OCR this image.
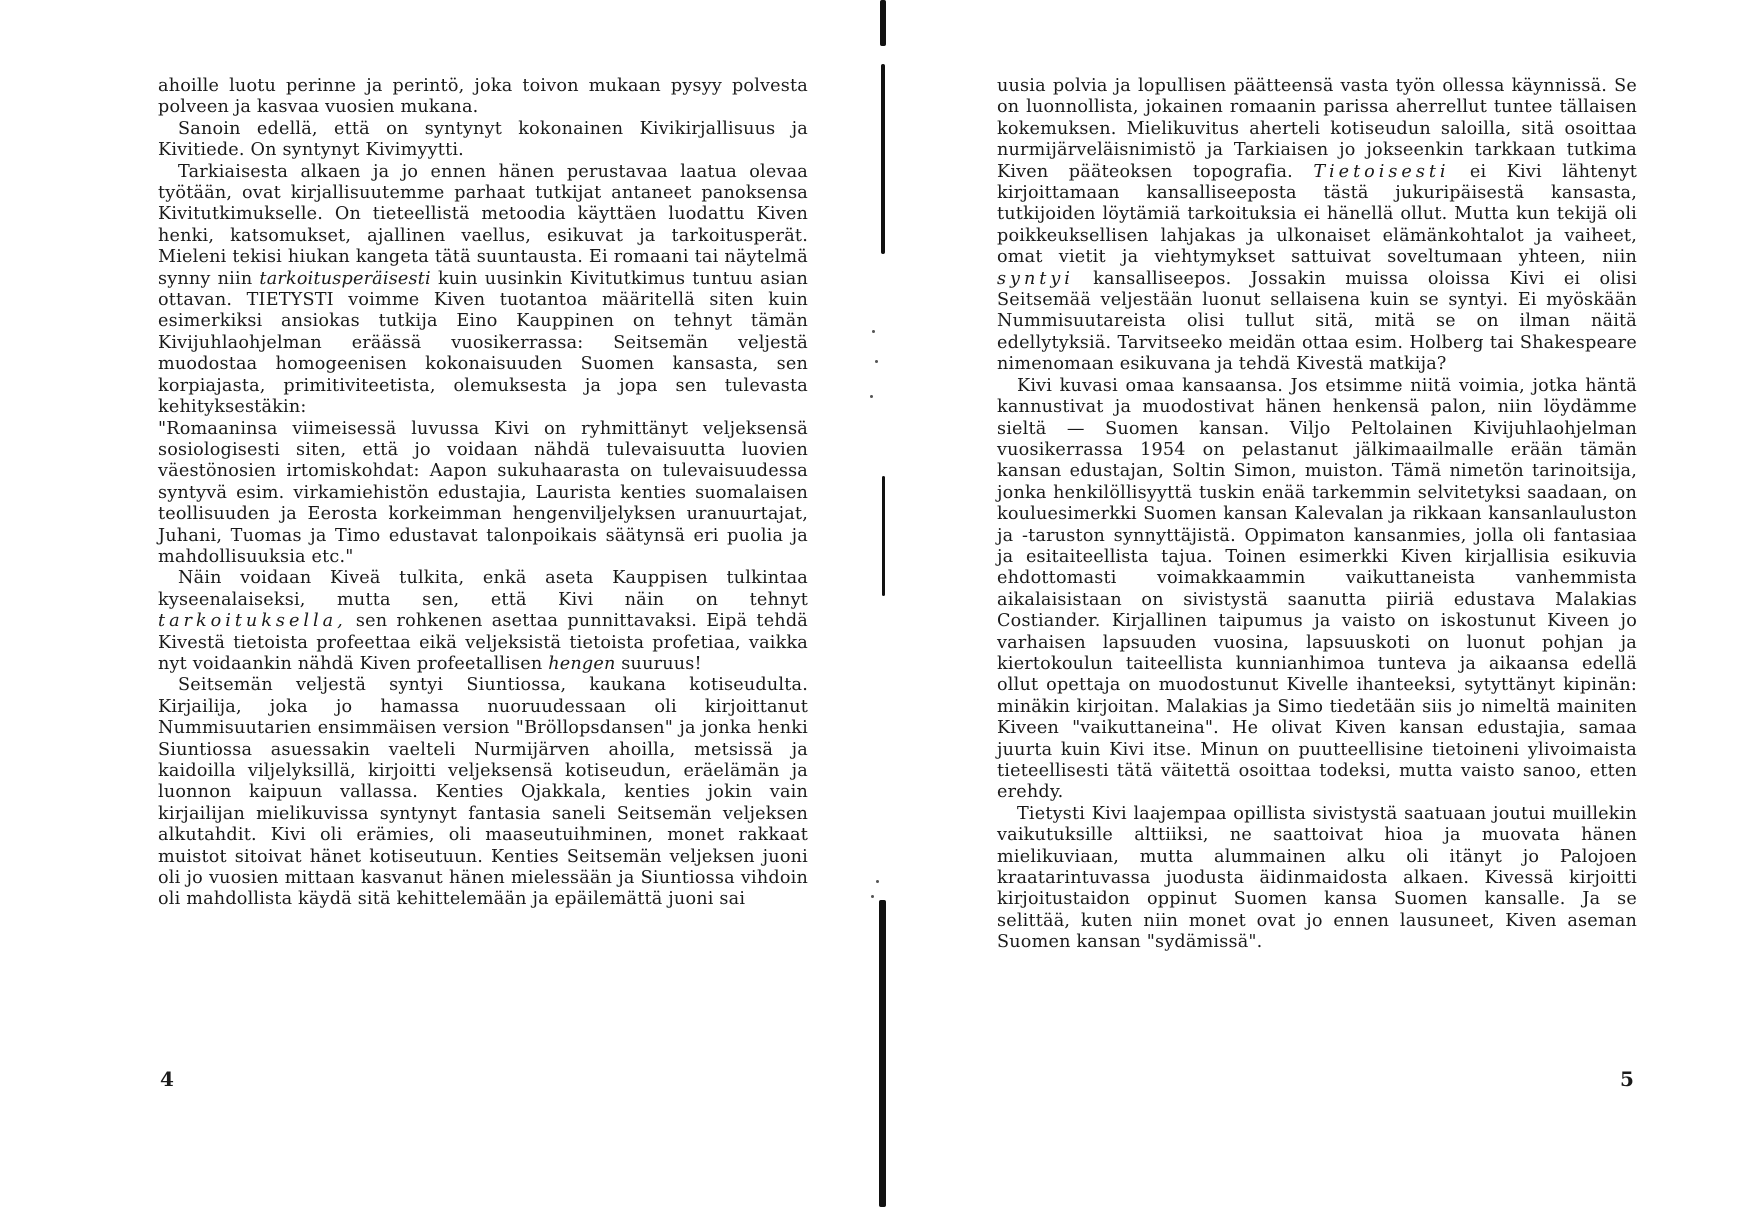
ahoille luotu perinne ja perintö, joka toivon mukaan pysyy polvesta polveen ja kasvaa vuosien mukana.

Sanoin edellä, että on syntynyt kokonainen Kivikirjallisuus ja Kivitiede. On syntynyt Kivimyytti.

Tarkiaisesta alkaen ja jo ennen hänen perustavaa laatua olevaa työtään, ovat kirjallisuutemme parhaat tutkijat antaneet panoksensa Kivitutkimukselle. On tieteellistä metoodia käyttäen luodattu Kiven henki, katsomukset, ajallinen vaellus, esikuvat ja tarkoitusperät. Mieleni tekisi hiukan kangeta tätä suuntausta. Ei romaani tai näytelmä synny niin tarkoitusperäisesti kuin uusinkin Kivitutkimus tuntuu asian ottavan. TIETYSTI voimme Kiven tuotantoa määritellä siten kuin esimerkiksi ansiokas tutkija Eino Kauppinen on tehnyt tämän Kivijuhlaohjelman eräässä vuosikerrassa: Seitsemän veljestä muodostaa homogeenisen kokonaisuuden Suomen kansasta, sen korpiajasta, primitiviteetista, olemuksesta ja jopa sen tulevasta kehityksestäkin:

"Romaaninsa viimeisessä luvussa Kivi on ryhmittänyt veljeksensä sosiologisesti siten, että jo voidaan nähdä tulevaisuutta luovien väestönosien irtomiskohdat: Aapon sukuhaarasta on tulevaisuudessa syntyvä esim. virkamiehistön edustajia, Laurista kenties suomalaisen teollisuuden ja Eerosta korkeimman hengenviljelyksen uranuurtajat, Juhani, Tuomas ja Timo edustavat talonpoikais säätynsä eri puolia ja mahdollisuuksia etc."

Näin voidaan Kiveä tulkita, enkä aseta Kauppisen tulkintaa kyseenalaiseksi, mutta sen, että Kivi näin on tehnyt tarkoituksella, sen rohkenen asettaa punnittavaksi. Eipä tehdä Kivestä tietoista profeettaa eikä veljeksistä tietoista profetiaa, vaikka nyt voidaankin nähdä Kiven profeetallisen hengen suuruus!

Seitsemän veljestä syntyi Siuntiossa, kaukana kotiseudulta. Kirjailija, joka jo hamassa nuoruudessaan oli kirjoittanut Nummisuutarien ensimmäisen version "Bröllopsdansen" ja jonka henki Siuntiossa asuessakin vaelteli Nurmijärven ahoilla, metsissä ja kaidoilla viljelyksillä, kirjoitti veljeksensä kotiseudun, eräelämän ja luonnon kaipuun vallassa. Kenties Ojakkala, kenties jokin vain kirjailijan mielikuvissa syntynyt fantasia saneli Seitsemän veljeksen alkutahdit. Kivi oli erämies, oli maaseutuihminen, monet rakkaat muistot sitoivat hänet kotiseutuun. Kenties Seitsemän veljeksen juoni oli jo vuosien mittaan kasvanut hänen mielessään ja Siuntiossa vihdoin oli mahdollista käydä sitä kehittelemään ja epäilemättä juoni sai

4

uusia polvia ja lopullisen päätteensä vasta työn ollessa käynnissä. Se on luonnollista, jokainen romaanin parissa aherrellut tuntee tällaisen kokemuksen. Mielikuvitus aherteli kotiseudun saloilla, sitä osoittaa nurmijärveläisnimistö ja Tarkiaisen jo jokseenkin tarkkaan tutkima Kiven pääteoksen topografia. Tietoisesti ei Kivi lähtenyt kirjoittamaan kansalliseeposta tästä jukuripäisestä kansasta, tutkijoiden löytämiä tarkoituksia ei hänellä ollut. Mutta kun tekijä oli poikkeuksellisen lahjakas ja ulkonaiset elämänkohtalot ja vaiheet, omat vietit ja viehtymykset sattuivat soveltumaan yhteen, niin syntyi kansalliseepos. Jossakin muissa oloissa Kivi ei olisi Seitsemää veljestään luonut sellaisena kuin se syntyi. Ei myöskään Nummisuutareista olisi tullut sitä, mitä se on ilman näitä edellytyksiä. Tarvitseeko meidän ottaa esim. Holberg tai Shakespeare nimenomaan esikuvana ja tehdä Kivestä matkija?

Kivi kuvasi omaa kansaansa. Jos etsimme niitä voimia, jotka häntä kannustivat ja muodostivat hänen henkensä palon, niin löydämme sieltä — Suomen kansan. Viljo Peltolainen Kivijuhlaohjelman vuosikerrassa 1954 on pelastanut jälkimaailmalle erään tämän kansan edustajan, Soltin Simon, muiston. Tämä nimetön tarinoitsija, jonka henkilöllisyyttä tuskin enää tarkemmin selvitetyksi saadaan, on kouluesimerkki Suomen kansan Kalevalan ja rikkaan kansanlauluston ja -taruston synnyttäjistä. Oppimaton kansanmies, jolla oli fantasiaa ja esitaiteellista tajua. Toinen esimerkki Kiven kirjallisia esikuvia ehdottomasti voimakkaammin vaikuttaneista vanhemmista aikalaisistaan on sivistystä saanutta piiriä edustava Malakias Costiander. Kirjallinen taipumus ja vaisto on iskostunut Kiveen jo varhaisen lapsuuden vuosina, lapsuuskoti on luonut pohjan ja kiertokoulun taiteellista kunnianhimoa tunteva ja aikaansa edellä ollut opettaja on muodostunut Kivelle ihanteeksi, sytyttänyt kipinän: minäkin kirjoitan. Malakias ja Simo tiedetään siis jo nimeltä mainiten Kiveen "vaikuttaneina". He olivat Kiven kansan edustajia, samaa juurta kuin Kivi itse. Minun on puutteellisine tietoineni ylivoimaista tieteellisesti tätä väitettä osoittaa todeksi, mutta vaisto sanoo, etten erehdy.

Tietysti Kivi laajempaa opillista sivistystä saatuaan joutui muillekin vaikutuksille alttiiksi, ne saattoivat hioa ja muovata hänen mielikuviaan, mutta alummainen alku oli itänyt jo Palojoen kraatarintuvassa juodusta äidinmaidosta alkaen. Kivessä kirjoitti kirjoitustaidon oppinut Suomen kansa Suomen kansalle. Ja se selittää, kuten niin monet ovat jo ennen lausuneet, Kiven aseman Suomen kansan "sydämissä".

5
